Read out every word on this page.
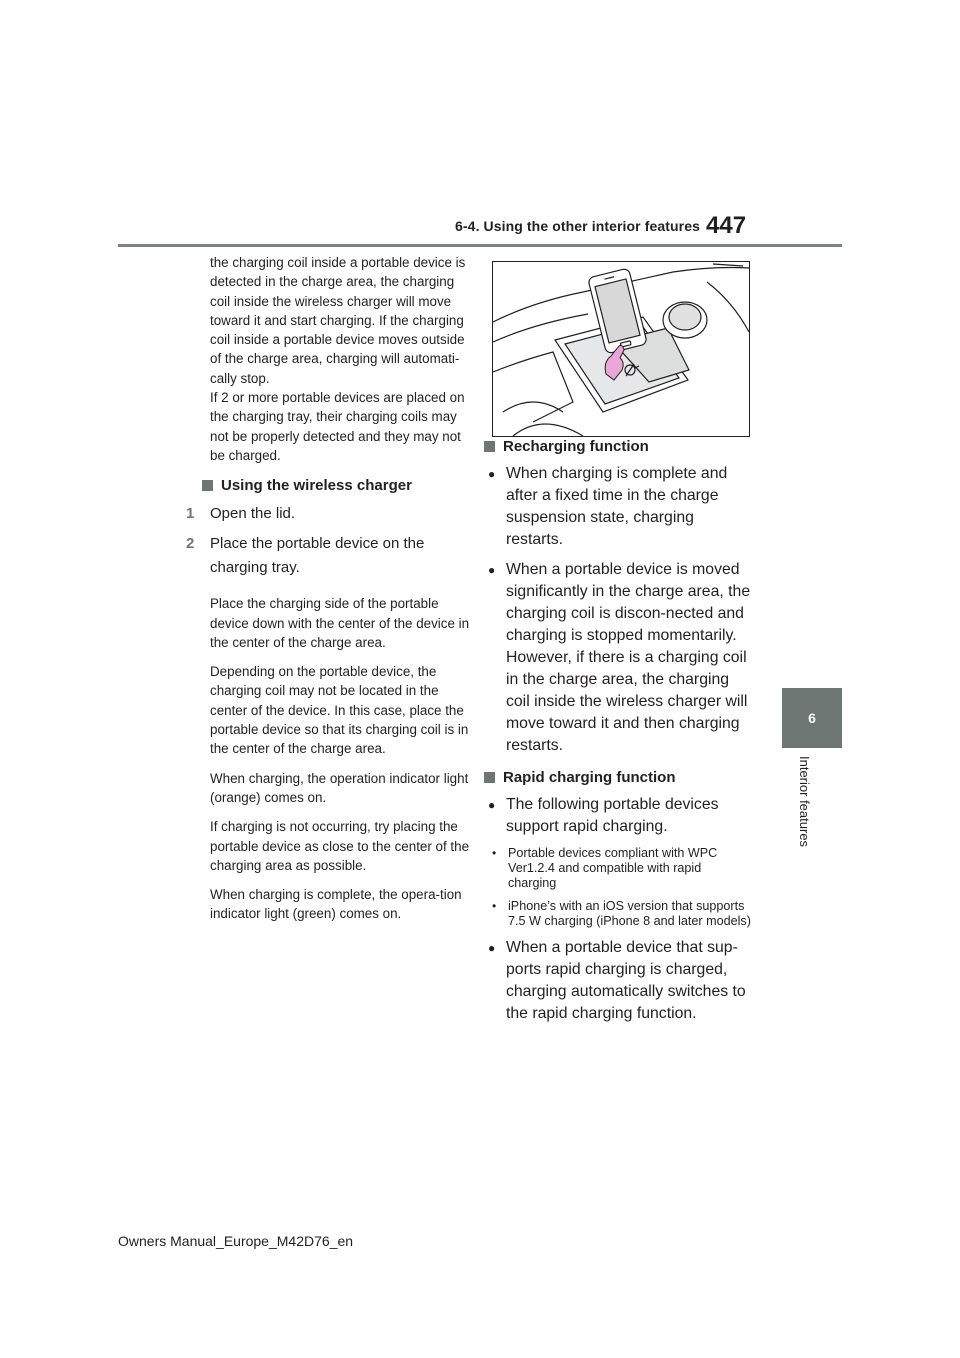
6-4. Using the other interior features 447
6
Interior features

the charging coil inside a portable device is detected in the charge area, the charging coil inside the wireless charger will move toward it and start charging. If the charging coil inside a portable device moves outside of the charge area, charging will automati-cally stop.
If 2 or more portable devices are placed on the charging tray, their charging coils may not be properly detected and they may not be charged.

Using the wireless charger
1	Open the lid.
2	Place the portable device on the charging tray.

Place the charging side of the portable device down with the center of the device in the center of the charge area.

Depending on the portable device, the charging coil may not be located in the center of the device. In this case, place the portable device so that its charging coil is in the center of the charge area.

When charging, the operation indicator light (orange) comes on.

If charging is not occurring, try placing the portable device as close to the center of the charging area as possible.

When charging is complete, the opera-tion indicator light (green) comes on.

Recharging function
● When charging is complete and after a fixed time in the charge suspension state, charging restarts.
● When a portable device is moved significantly in the charge area, the charging coil is discon-nected and charging is stopped momentarily. However, if there is a charging coil in the charge area, the charging coil inside the wireless charger will move toward it and then charging restarts.
Rapid charging function
● The following portable devices support rapid charging.
• Portable devices compliant with WPC Ver1.2.4 and compatible with rapid charging
• iPhone’s with an iOS version that supports 7.5 W charging (iPhone 8 and later models)
● When a portable device that sup-ports rapid charging is charged, charging automatically switches to the rapid charging function.
Owners Manual_Europe_M42D76_en
